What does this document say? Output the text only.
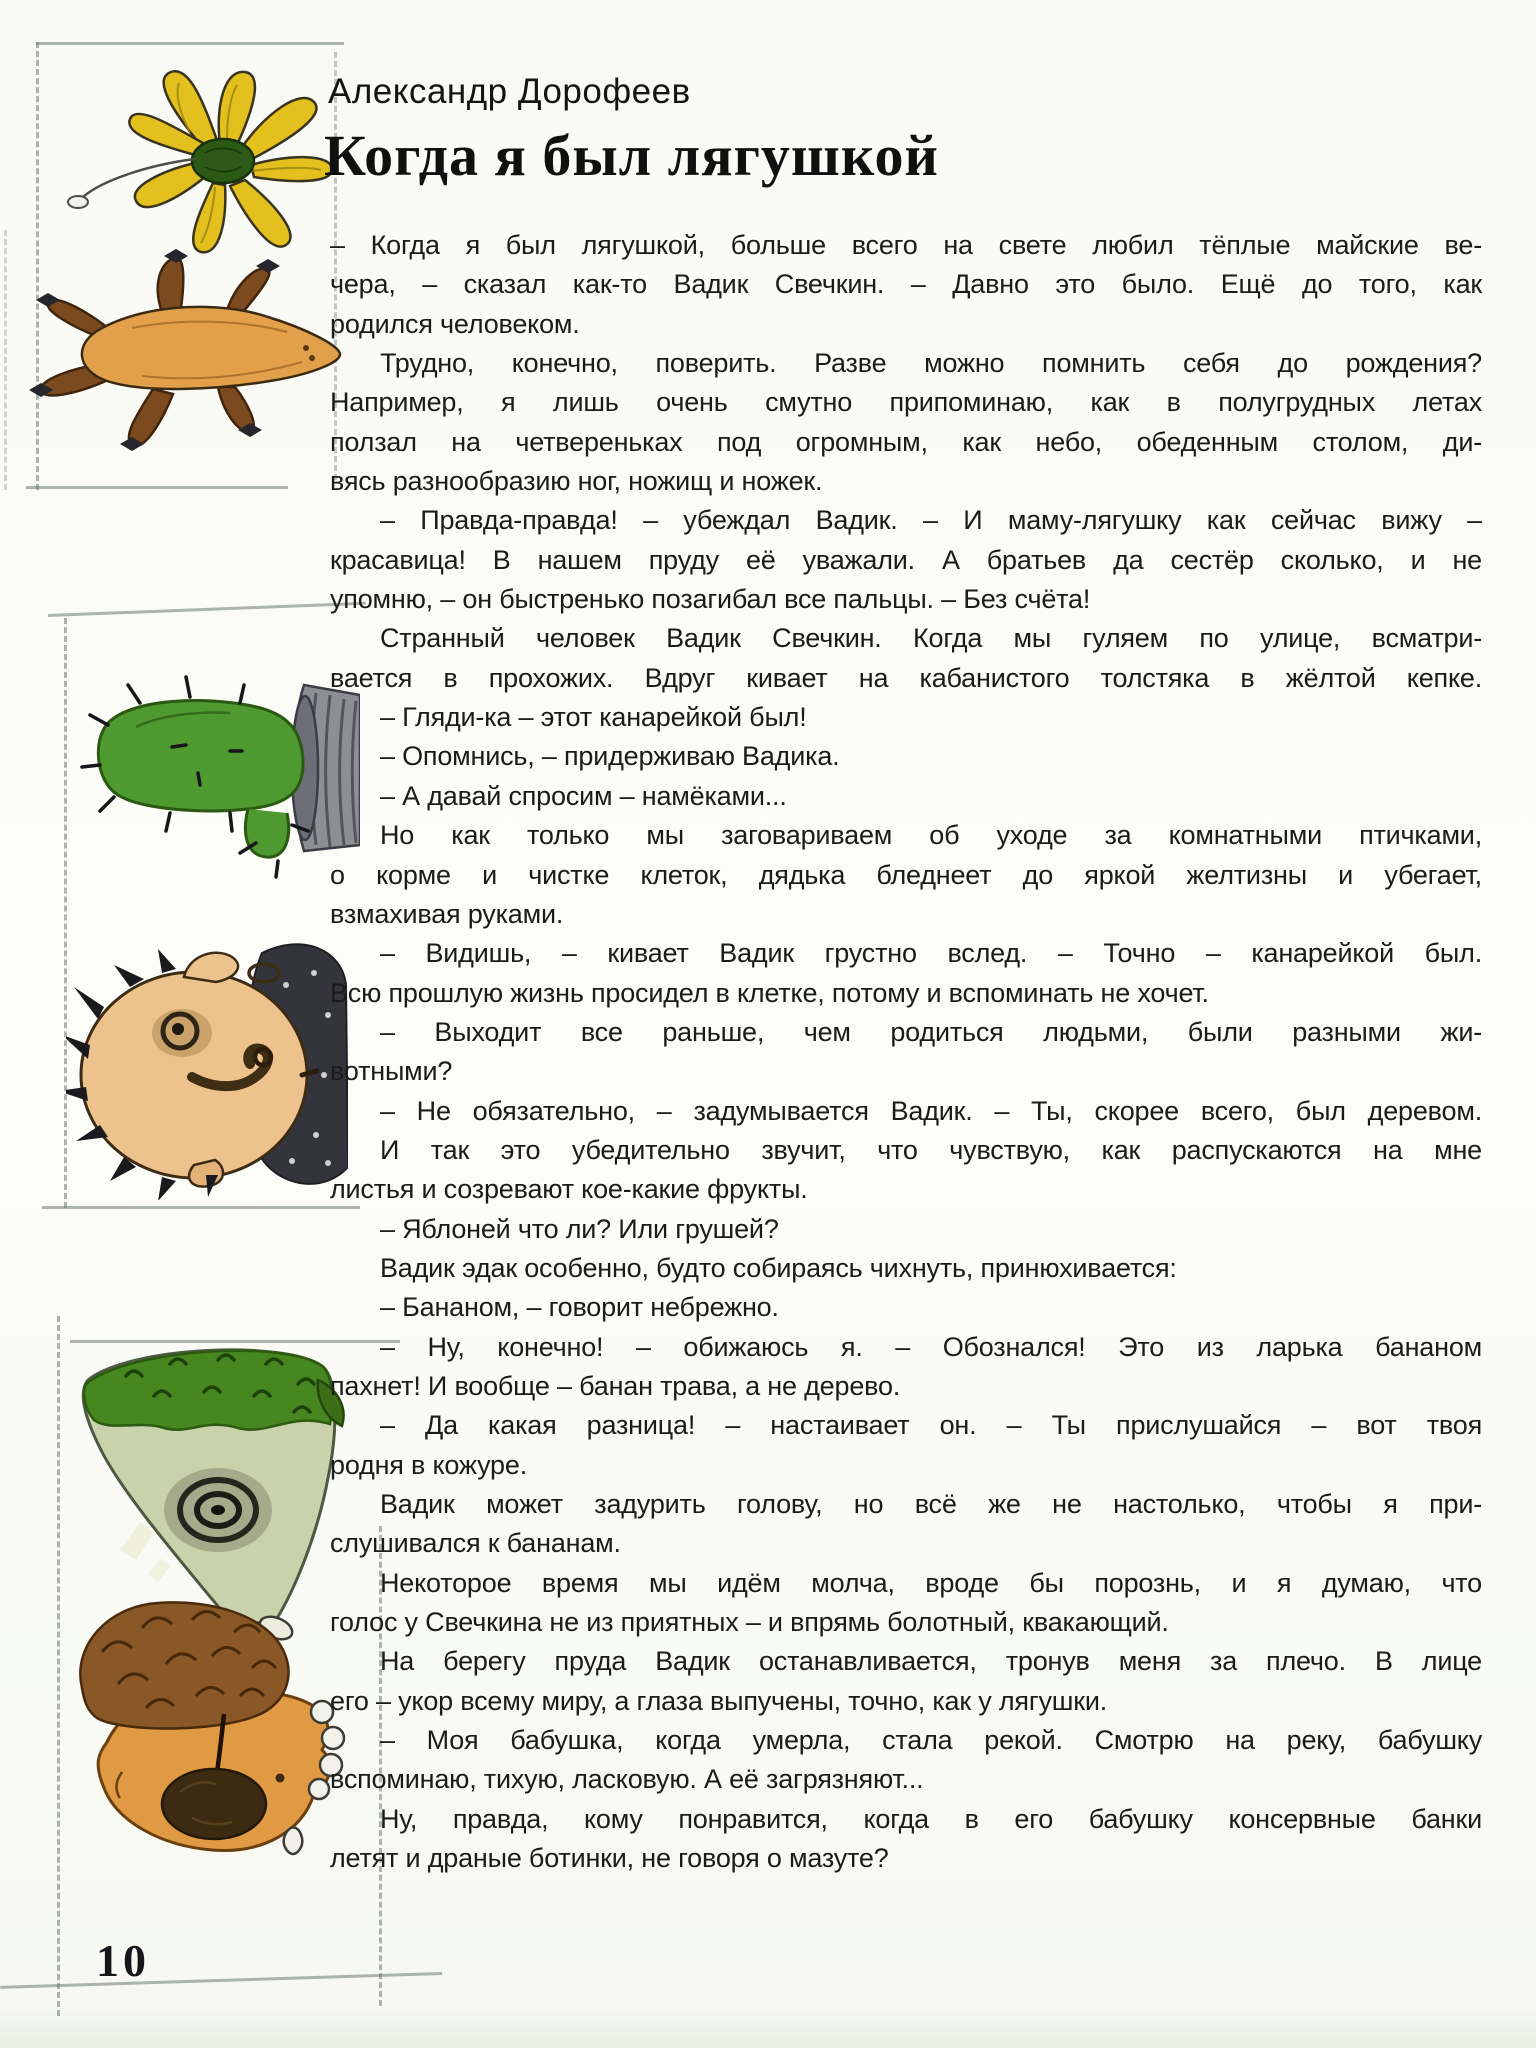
Александр Дорофеев
Когда я был лягушкой
– Когда я был лягушкой, больше всего на свете любил тёплые майские ве-
чера, – сказал как-то Вадик Свечкин. – Давно это было. Ещё до того, как
родился человеком.
Трудно, конечно, поверить. Разве можно помнить себя до рождения?
Например, я лишь очень смутно припоминаю, как в полугрудных летах
ползал на четвереньках под огромным, как небо, обеденным столом, ди-
вясь разнообразию ног, ножищ и ножек.
– Правда-правда! – убеждал Вадик. – И маму-лягушку как сейчас вижу –
красавица! В нашем пруду её уважали. А братьев да сестёр сколько, и не
упомню, – он быстренько позагибал все пальцы. – Без счёта!
Странный человек Вадик Свечкин. Когда мы гуляем по улице, всматри-
вается в прохожих. Вдруг кивает на кабанистого толстяка в жёлтой кепке.
– Гляди-ка – этот канарейкой был!
– Опомнись, – придерживаю Вадика.
– А давай спросим – намёками...
Но как только мы заговариваем об уходе за комнатными птичками,
о корме и чистке клеток, дядька бледнеет до яркой желтизны и убегает,
взмахивая руками.
– Видишь, – кивает Вадик грустно вслед. – Точно – канарейкой был.
Всю прошлую жизнь просидел в клетке, потому и вспоминать не хочет.
– Выходит все раньше, чем родиться людьми, были разными жи-
вотными?
– Не обязательно, – задумывается Вадик. – Ты, скорее всего, был деревом.
И так это убедительно звучит, что чувствую, как распускаются на мне
листья и созревают кое-какие фрукты.
– Яблоней что ли? Или грушей?
Вадик эдак особенно, будто собираясь чихнуть, принюхивается:
– Бананом, – говорит небрежно.
– Ну, конечно! – обижаюсь я. – Обознался! Это из ларька бананом
пахнет! И вообще – банан трава, а не дерево.
– Да какая разница! – настаивает он. – Ты прислушайся – вот твоя
родня в кожуре.
Вадик может задурить голову, но всё же не настолько, чтобы я при-
слушивался к бананам.
Некоторое время мы идём молча, вроде бы порознь, и я думаю, что
голос у Свечкина не из приятных – и впрямь болотный, квакающий.
На берегу пруда Вадик останавливается, тронув меня за плечо. В лице
его – укор всему миру, а глаза выпучены, точно, как у лягушки.
– Моя бабушка, когда умерла, стала рекой. Смотрю на реку, бабушку
вспоминаю, тихую, ласковую. А её загрязняют...
Ну, правда, кому понравится, когда в его бабушку консервные банки
летят и драные ботинки, не говоря о мазуте?
10
